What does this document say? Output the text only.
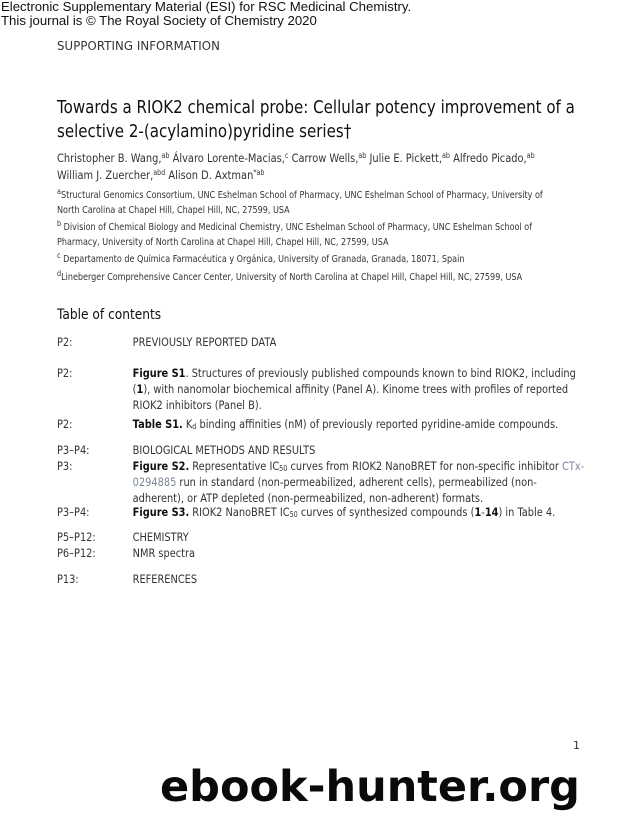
Electronic Supplementary Material (ESI) for RSC Medicinal Chemistry.
This journal is © The Royal Society of Chemistry 2020
SUPPORTING INFORMATION
Towards a RIOK2 chemical probe: Cellular potency improvement of a
selective 2-(acylamino)pyridine series†
Christopher B. Wang,$^{ab}$ Álvaro Lorente-Macias,$^c$ Carrow Wells,$^{ab}$ Julie E. Pickett,$^{ab}$ Alfredo Picado,$^{ab}$
William J. Zuercher,$^{abd}$ Alison D. Axtman$^{*ab}$
$^a$Structural Genomics Consortium, UNC Eshelman School of Pharmacy, UNC Eshelman School of Pharmacy, University of North Carolina at Chapel Hill, Chapel Hill, NC, 27599, USA
$^b$ Division of Chemical Biology and Medicinal Chemistry, UNC Eshelman School of Pharmacy, UNC Eshelman School of Pharmacy, University of North Carolina at Chapel Hill, Chapel Hill, NC, 27599, USA
$^c$ Departamento de Química Farmacéutica y Orgánica, University of Granada, Granada, 18071, Spain
$^d$Lineberger Comprehensive Cancer Center, University of North Carolina at Chapel Hill, Chapel Hill, NC, 27599, USA
Table of contents
P2:	PREVIOUSLY REPORTED DATA
P2:	Figure S1. Structures of previously published compounds known to bind RIOK2, including (1), with nanomolar biochemical affinity (Panel A). Kinome trees with profiles of reported RIOK2 inhibitors (Panel B).
P2:	Table S1. $K_d$ binding affinities (nM) of previously reported pyridine-amide compounds.
P3–P4:	BIOLOGICAL METHODS AND RESULTS
P3:	Figure S2. Representative $IC_{50}$ curves from RIOK2 NanoBRET for non-specific inhibitor CTx-0294885 run in standard (non-permeabilized, adherent cells), permeabilized (non-adherent), or ATP depleted (non-permeabilized, non-adherent) formats.
P3–P4:	Figure S3. RIOK2 NanoBRET $IC_{50}$ curves of synthesized compounds (1-14) in Table 4.
P5–P12:	CHEMISTRY
P6–P12:	NMR spectra
P13:	REFERENCES
1
ebook-hunter.org
